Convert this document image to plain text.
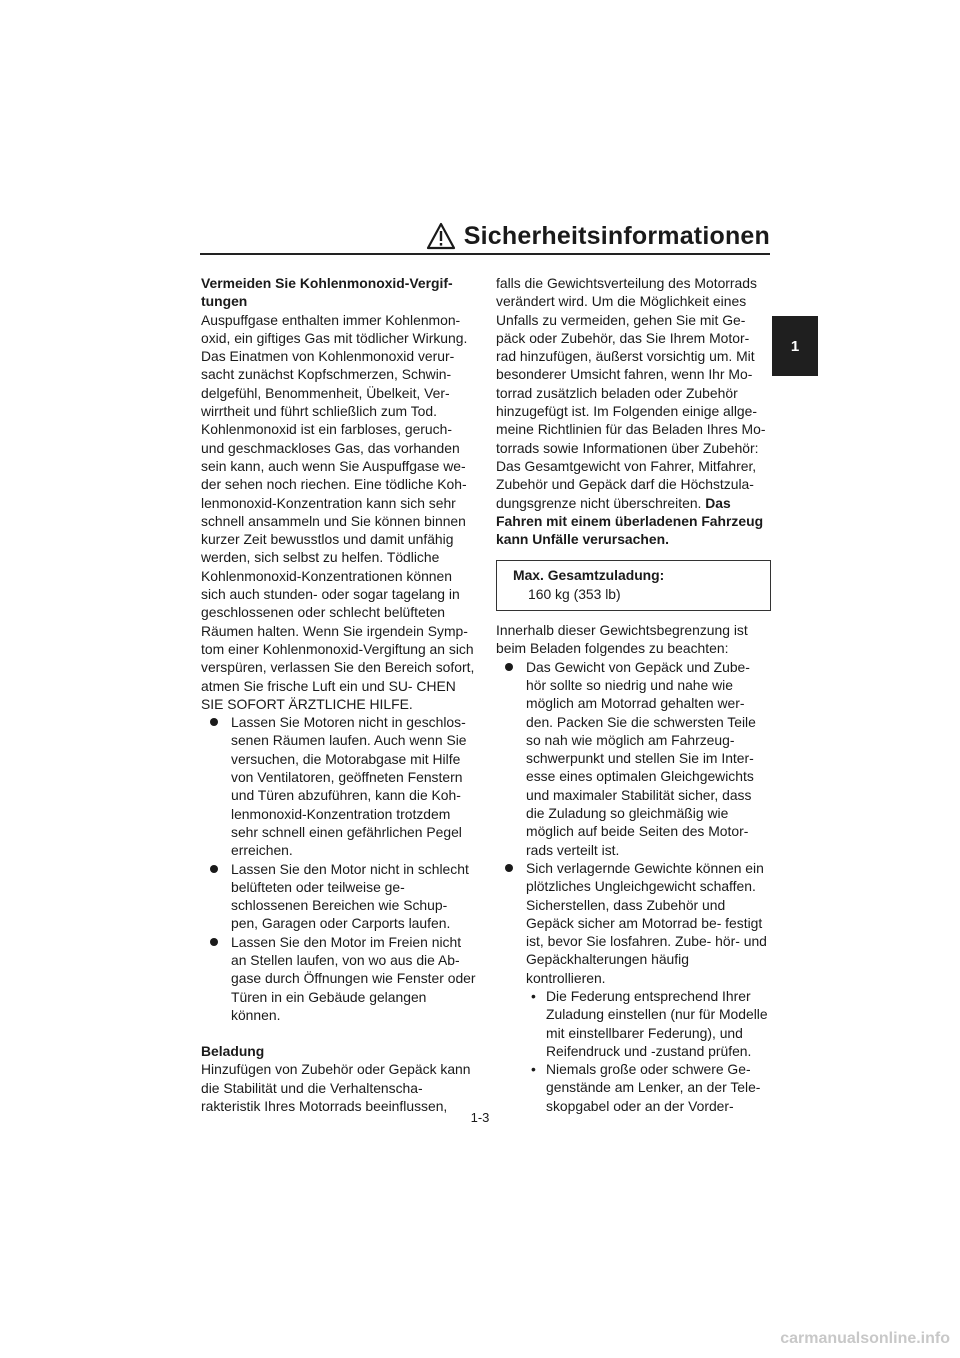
Sicherheitsinformationen
1

Vermeiden Sie Kohlenmonoxid-Vergif- tungen

Auspuffgase enthalten immer Kohlenmon- oxid, ein giftiges Gas mit tödlicher Wirkung. Das Einatmen von Kohlenmonoxid verur- sacht zunächst Kopfschmerzen, Schwin- delgefühl, Benommenheit, Übelkeit, Ver- wirrtheit und führt schließlich zum Tod. Kohlenmonoxid ist ein farbloses, geruch- und geschmackloses Gas, das vorhanden sein kann, auch wenn Sie Auspuffgase we- der sehen noch riechen. Eine tödliche Koh- lenmonoxid-Konzentration kann sich sehr schnell ansammeln und Sie können binnen kurzer Zeit bewusstlos und damit unfähig werden, sich selbst zu helfen. Tödliche Kohlenmonoxid-Konzentrationen können sich auch stunden- oder sogar tagelang in geschlossenen oder schlecht belüfteten Räumen halten. Wenn Sie irgendein Symp- tom einer Kohlenmonoxid-Vergiftung an sich verspüren, verlassen Sie den Bereich sofort, atmen Sie frische Luft ein und SU- CHEN SIE SOFORT ÄRZTLICHE HILFE.

Lassen Sie Motoren nicht in geschlos- senen Räumen laufen. Auch wenn Sie versuchen, die Motorabgase mit Hilfe von Ventilatoren, geöffneten Fenstern und Türen abzuführen, kann die Koh- lenmonoxid-Konzentration trotzdem sehr schnell einen gefährlichen Pegel erreichen.
Lassen Sie den Motor nicht in schlecht belüfteten oder teilweise ge- schlossenen Bereichen wie Schup- pen, Garagen oder Carports laufen.
Lassen Sie den Motor im Freien nicht an Stellen laufen, von wo aus die Ab- gase durch Öffnungen wie Fenster oder Türen in ein Gebäude gelangen können.

Beladung

Hinzufügen von Zubehör oder Gepäck kann die Stabilität und die Verhaltenscha- rakteristik Ihres Motorrads beeinflussen,

falls die Gewichtsverteilung des Motorrads verändert wird. Um die Möglichkeit eines Unfalls zu vermeiden, gehen Sie mit Ge- päck oder Zubehör, das Sie Ihrem Motor- rad hinzufügen, äußerst vorsichtig um. Mit besonderer Umsicht fahren, wenn Ihr Mo- torrad zusätzlich beladen oder Zubehör hinzugefügt ist. Im Folgenden einige allge- meine Richtlinien für das Beladen Ihres Mo- torrads sowie Informationen über Zubehör: Das Gesamtgewicht von Fahrer, Mitfahrer, Zubehör und Gepäck darf die Höchstzula- dungsgrenze nicht überschreiten. Das Fahren mit einem überladenen Fahrzeug kann Unfälle verursachen.

Max. Gesamtzuladung:
160 kg (353 lb)

Innerhalb dieser Gewichtsbegrenzung ist beim Beladen folgendes zu beachten:

Das Gewicht von Gepäck und Zube- hör sollte so niedrig und nahe wie möglich am Motorrad gehalten wer- den. Packen Sie die schwersten Teile so nah wie möglich am Fahrzeug- schwerpunkt und stellen Sie im Inter- esse eines optimalen Gleichgewichts und maximaler Stabilität sicher, dass die Zuladung so gleichmäßig wie möglich auf beide Seiten des Motor- rads verteilt ist.
Sich verlagernde Gewichte können ein plötzliches Ungleichgewicht schaffen. Sicherstellen, dass Zubehör und Gepäck sicher am Motorrad be- festigt ist, bevor Sie losfahren. Zube- hör- und Gepäckhalterungen häufig kontrollieren.
• Die Federung entsprechend Ihrer Zuladung einstellen (nur für Modelle mit einstellbarer Federung), und Reifendruck und -zustand prüfen.
• Niemals große oder schwere Ge- genstände am Lenker, an der Tele- skopgabel oder an der Vorder-
1-3
carmanualsonline.info
